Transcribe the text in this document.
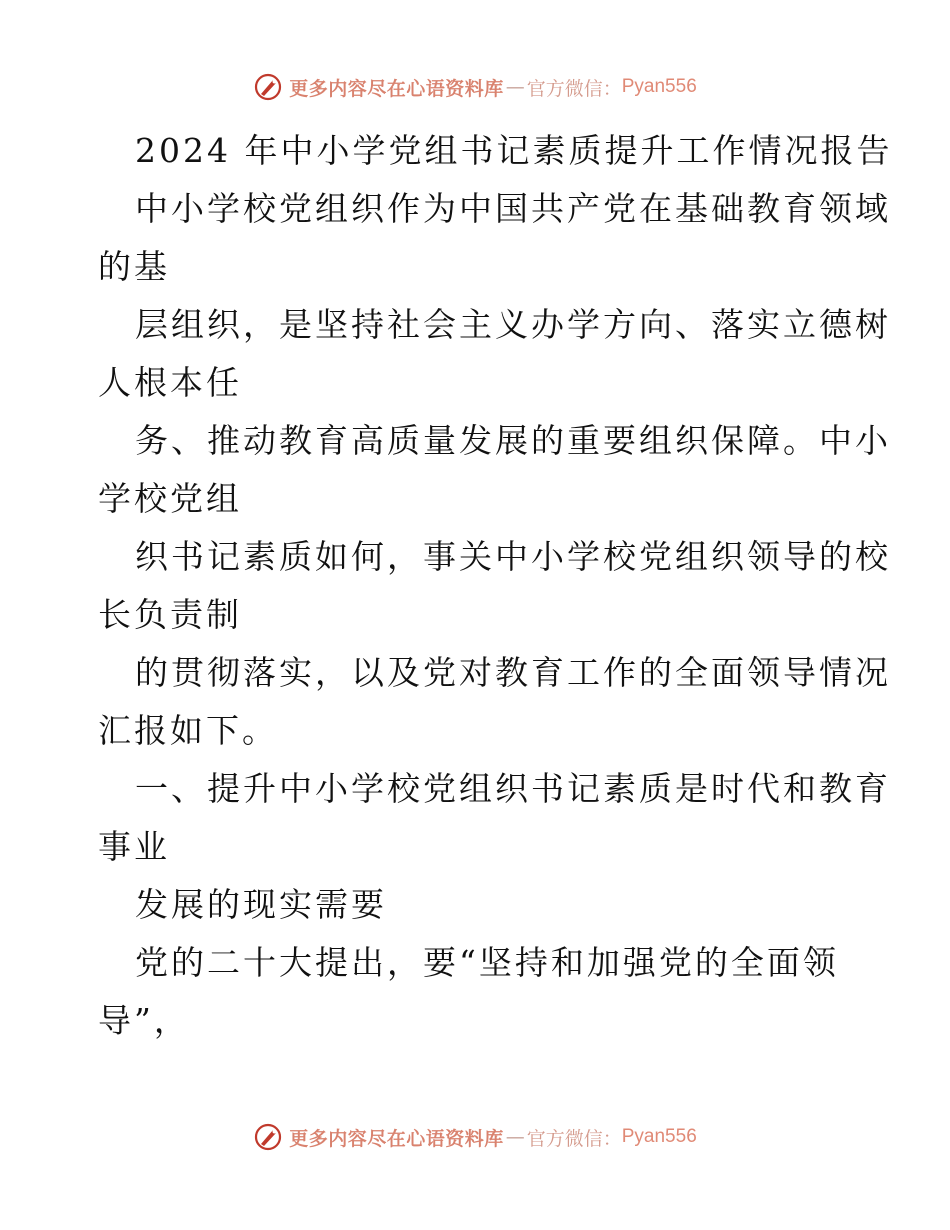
更多内容尽在心语资料库 — 官方微信： Pyan556
2024 年中小学党组书记素质提升工作情况报告
中小学校党组织作为中国共产党在基础教育领域
的基
层组织，是坚持社会主义办学方向、落实立德树
人根本任
务、推动教育高质量发展的重要组织保障。中小
学校党组
织书记素质如何，事关中小学校党组织领导的校
长负责制
的贯彻落实，以及党对教育工作的全面领导情况
汇报如下。
一、提升中小学校党组织书记素质是时代和教育
事业
发展的现实需要
党的二十大提出，要“坚持和加强党的全面领
导”，
更多内容尽在心语资料库 — 官方微信： Pyan556
